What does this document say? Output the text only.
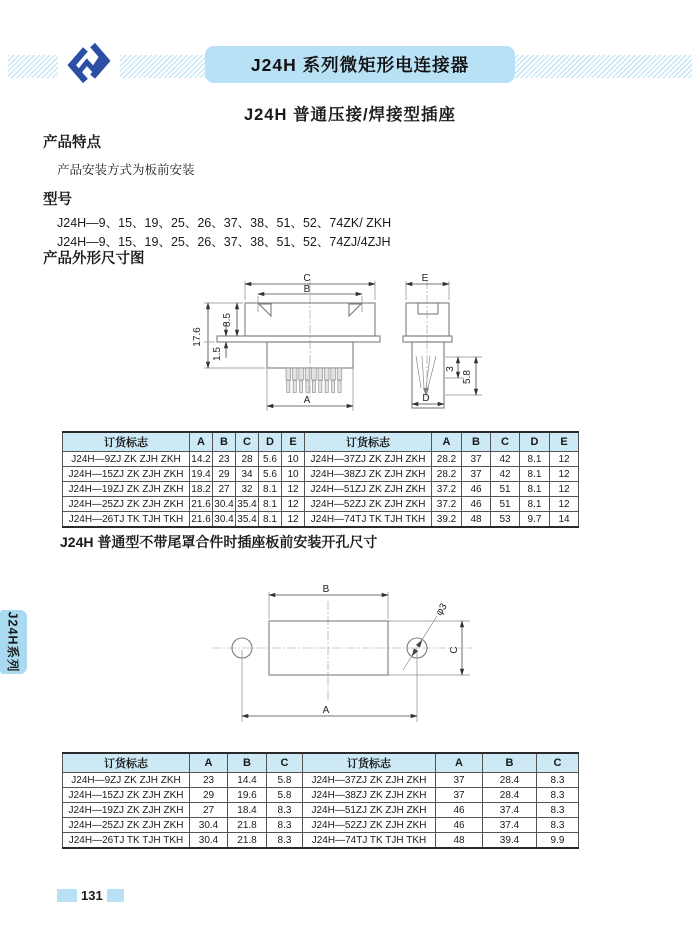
J24H 系列微矩形电连接器
J24H 普通压接/焊接型插座
产品特点
产品安装方式为板前安装
型号
J24H—9、15、19、25、26、37、38、51、52、74ZK/ ZKH
J24H—9、15、19、25、26、37、38、51、52、74ZJ/4ZJH
产品外形尺寸图
C
B
A
17.6
8.5
1.5
E
3
5.8
D
订货标志	A	B	C	D	E	订货标志	A	B	C	D	E
J24H—9ZJ ZK ZJH ZKH	14.2	23	28	5.6	10	J24H—37ZJ ZK ZJH ZKH	28.2	37	42	8.1	12
J24H—15ZJ ZK ZJH ZKH	19.4	29	34	5.6	10	J24H—38ZJ ZK ZJH ZKH	28.2	37	42	8.1	12
J24H—19ZJ ZK ZJH ZKH	18.2	27	32	8.1	12	J24H—51ZJ ZK ZJH ZKH	37.2	46	51	8.1	12
J24H—25ZJ ZK ZJH ZKH	21.6	30.4	35.4	8.1	12	J24H—52ZJ ZK ZJH ZKH	37.2	46	51	8.1	12
J24H—26TJ TK TJH TKH	21.6	30.4	35.4	8.1	12	J24H—74TJ TK TJH TKH	39.2	48	53	9.7	14
J24H 普通型不带尾罩合件时插座板前安装开孔尺寸
B
C
A
φ3
订货标志	A	B	C	订货标志	A	B	C
J24H—9ZJ ZK ZJH ZKH	23	14.4	5.8	J24H—37ZJ ZK ZJH ZKH	37	28.4	8.3
J24H—15ZJ ZK ZJH ZKH	29	19.6	5.8	J24H—38ZJ ZK ZJH ZKH	37	28.4	8.3
J24H—19ZJ ZK ZJH ZKH	27	18.4	8.3	J24H—51ZJ ZK ZJH ZKH	46	37.4	8.3
J24H—25ZJ ZK ZJH ZKH	30.4	21.8	8.3	J24H—52ZJ ZK ZJH ZKH	46	37.4	8.3
J24H—26TJ TK TJH TKH	30.4	21.8	8.3	J24H—74TJ TK TJH TKH	48	39.4	9.9
J24H系列
131
